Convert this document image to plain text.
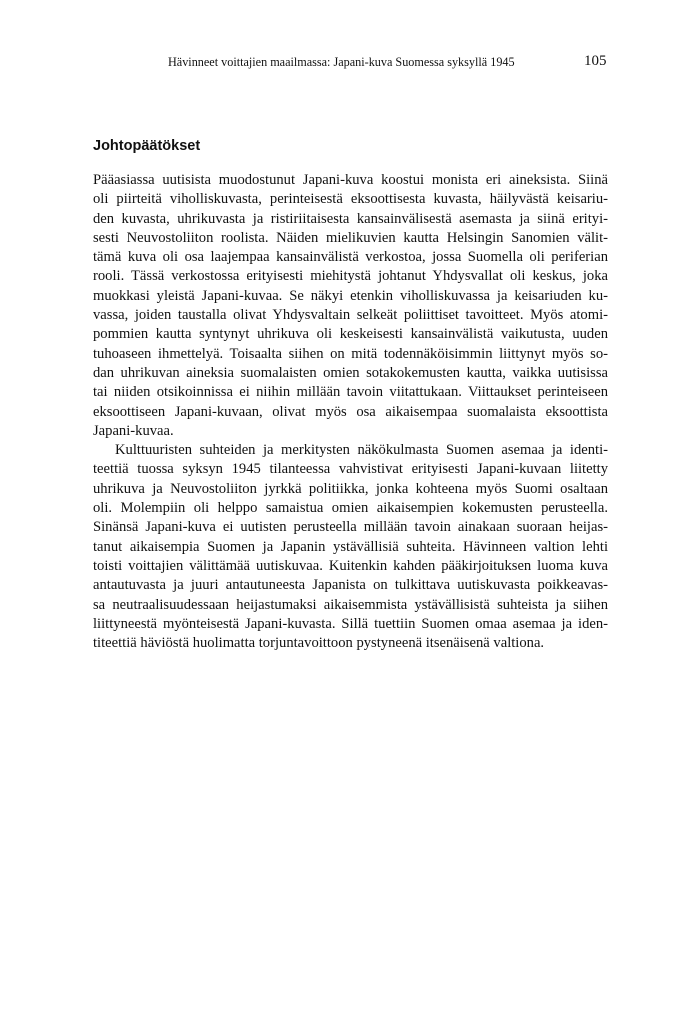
Hävinneet voittajien maailmassa: Japani-kuva Suomessa syksyllä 1945	105
Johtopäätökset

Pääasiassa uutisista muodostunut Japani-kuva koostui monista eri aineksista. Siinä
oli piirteitä viholliskuvasta, perinteisestä eksoottisesta kuvasta, häilyvästä keisariu-
den kuvasta, uhrikuvasta ja ristiriitaisesta kansainvälisestä asemasta ja siinä erityi-
sesti Neuvostoliiton roolista. Näiden mielikuvien kautta Helsingin Sanomien välit-
tämä kuva oli osa laajempaa kansainvälistä verkostoa, jossa Suomella oli periferian
rooli. Tässä verkostossa erityisesti miehitystä johtanut Yhdysvallat oli keskus, joka
muokkasi yleistä Japani-kuvaa. Se näkyi etenkin viholliskuvassa ja keisariuden ku-
vassa, joiden taustalla olivat Yhdysvaltain selkeät poliittiset tavoitteet. Myös atomi-
pommien kautta syntynyt uhrikuva oli keskeisesti kansainvälistä vaikutusta, uuden
tuhoaseen ihmettelyä. Toisaalta siihen on mitä todennäköisimmin liittynyt myös so-
dan uhrikuvan aineksia suomalaisten omien sotakokemusten kautta, vaikka uutisissa
tai niiden otsikoinnissa ei niihin millään tavoin viitattukaan. Viittaukset perinteiseen
eksoottiseen Japani-kuvaan, olivat myös osa aikaisempaa suomalaista eksoottista
Japani-kuvaa.

Kulttuuristen suhteiden ja merkitysten näkökulmasta Suomen asemaa ja identi-
teettiä tuossa syksyn 1945 tilanteessa vahvistivat erityisesti Japani-kuvaan liitetty
uhrikuva ja Neuvostoliiton jyrkkä politiikka, jonka kohteena myös Suomi osaltaan
oli. Molempiin oli helppo samaistua omien aikaisempien kokemusten perusteella.
Sinänsä Japani-kuva ei uutisten perusteella millään tavoin ainakaan suoraan heijas-
tanut aikaisempia Suomen ja Japanin ystävällisiä suhteita. Hävinneen valtion lehti
toisti voittajien välittämää uutiskuvaa. Kuitenkin kahden pääkirjoituksen luoma kuva
antautuvasta ja juuri antautuneesta Japanista on tulkittava uutiskuvasta poikkeavas-
sa neutraalisuudessaan heijastumaksi aikaisemmista ystävällisistä suhteista ja siihen
liittyneestä myönteisestä Japani-kuvasta. Sillä tuettiin Suomen omaa asemaa ja iden-
titeettiä häviöstä huolimatta torjuntavoittoon pystyneenä itsenäisenä valtiona.
